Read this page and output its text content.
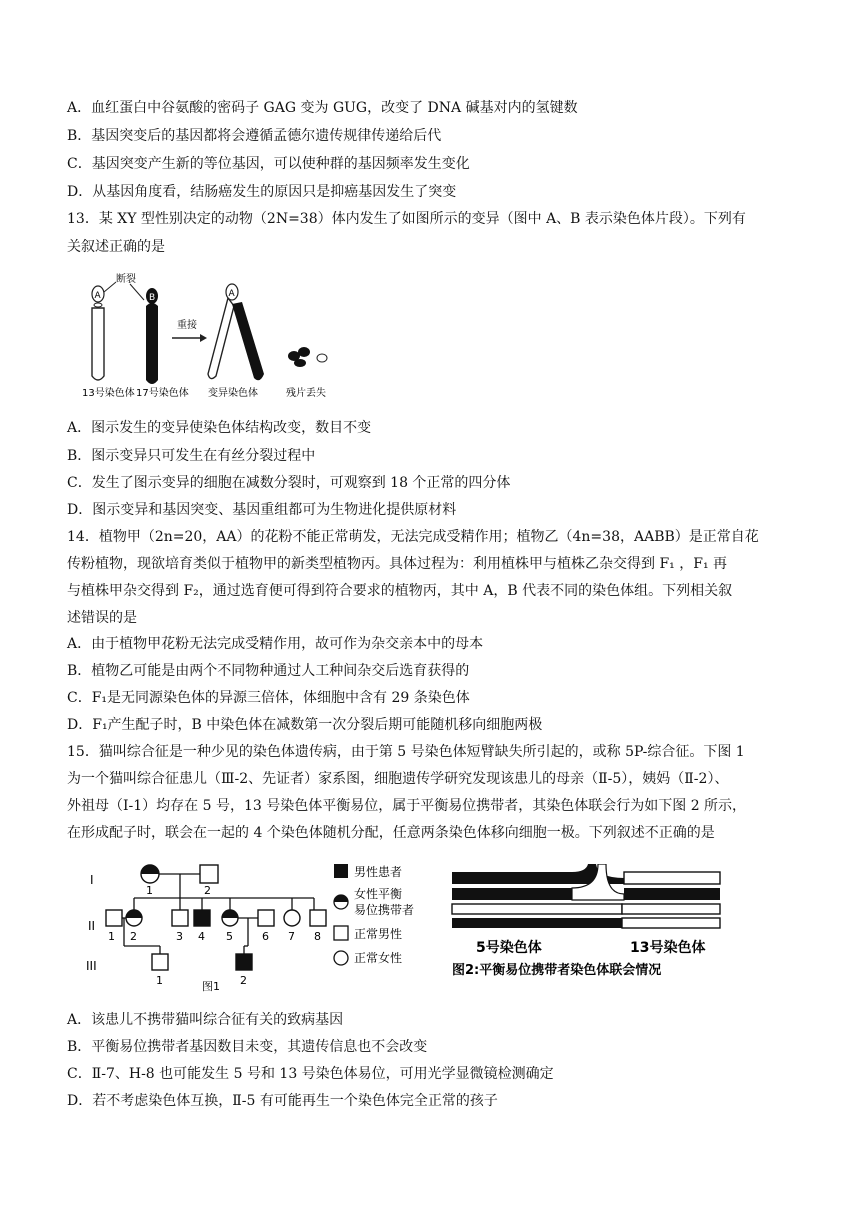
A．血红蛋白中谷氨酸的密码子 GAG 变为 GUG，改变了 DNA 碱基对内的氢键数
B．基因突变后的基因都将会遵循孟德尔遗传规律传递给后代
C．基因突变产生新的等位基因，可以使种群的基因频率发生变化
D．从基因角度看，结肠癌发生的原因只是抑癌基因发生了突变
13．某 XY 型性别决定的动物（2N=38）体内发生了如图所示的变异（图中 A、B 表示染色体片段）。下列有
关叙述正确的是
A
断裂
B
重接
A
13号染色体 17号染色体 变异染色体	残片丢失
A．图示发生的变异使染色体结构改变，数目不变
B．图示变异只可发生在有丝分裂过程中
C．发生了图示变异的细胞在减数分裂时，可观察到 18 个正常的四分体
D．图示变异和基因突变、基因重组都可为生物进化提供原材料
14．植物甲（2n=20，AA）的花粉不能正常萌发，无法完成受精作用；植物乙（4n=38，AABB）是正常自花
传粉植物，现欲培育类似于植物甲的新类型植物丙。具体过程为：利用植株甲与植株乙杂交得到 F₁ ，F₁ 再
与植株甲杂交得到 F₂，通过选育便可得到符合要求的植物丙，其中 A，B 代表不同的染色体组。下列相关叙
述错误的是
A．由于植物甲花粉无法完成受精作用，故可作为杂交亲本中的母本
B．植物乙可能是由两个不同物种通过人工种间杂交后选育获得的
C．F₁是无同源染色体的异源三倍体，体细胞中含有 29 条染色体
D．F₁产生配子时，B 中染色体在减数第一次分裂后期可能随机移向细胞两极
15．猫叫综合征是一种少见的染色体遗传病，由于第 5 号染色体短臂缺失所引起的，或称 5P-综合征。下图 1
为一个猫叫综合征患儿（Ⅲ-2、先证者）家系图，细胞遗传学研究发现该患儿的母亲（Ⅱ-5），姨妈（Ⅱ-2）、
外祖母（I-1）均存在 5 号，13 号染色体平衡易位，属于平衡易位携带者，其染色体联会行为如下图 2 所示，
在形成配子时，联会在一起的 4 个染色体随机分配，任意两条染色体移向细胞一极。下列叙述不正确的是
I
II
III
1 2	3 4 5	6 7 8
1	2
1	2
图1
男性患者
女性平衡
易位携带者
正常男性
正常女性
5号染色体	13号染色体
图2:平衡易位携带者染色体联会情况
A．该患儿不携带猫叫综合征有关的致病基因
B．平衡易位携带者基因数目未变，其遗传信息也不会改变
C．Ⅱ-7、H-8 也可能发生 5 号和 13 号染色体易位，可用光学显微镜检测确定
D．若不考虑染色体互换，Ⅱ-5 有可能再生一个染色体完全正常的孩子
